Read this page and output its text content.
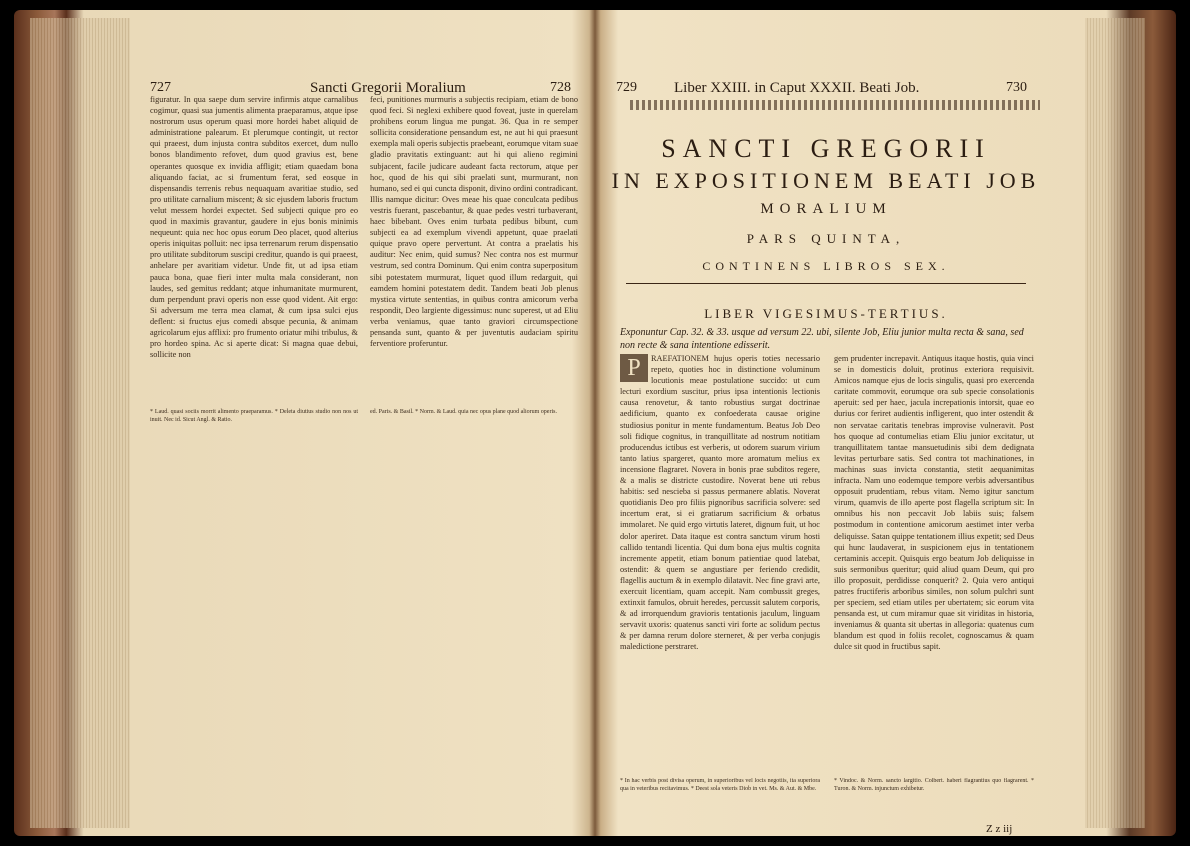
727	Sancti Gregorii Moralium	728
figuratur. In qua saepe dum servire infirmis atque carnalibus cogimur, quasi sua jumentis alimenta praeparamus, atque ipse nostrorum usus operum quasi more hordei habet aliquid de administratione palearum. Et plerumque contingit, ut rector qui praeest, dum injusta contra subditos exercet, dum nullo bonos blandimento refovet, dum quod gravius est, bene operantes quosque ex invidia affligit; etiam quaedam bona aliquando faciat, ac si frumentum ferat, sed eosque in dispensandis terrenis rebus nequaquam avaritiae studio, sed pro utilitate carnalium miscent; & sic ejusdem laboris fructum velut messem hordei expectet. Sed subjecti quique pro eo quod in maximis gravantur, gaudere in ejus bonis minimis nequeunt: quia nec hoc opus eorum Deo placet, quod alterius operis iniquitas polluit: nec ipsa terrenarum rerum dispensatio pro utilitate subditorum suscipi creditur, quando is qui praeest, anhelare per avaritiam videtur. Unde fit, ut ad ipsa etiam pauca bona, quae fieri inter multa mala considerant, non laudes, sed gemitus reddant; atque inhumanitate murmurent, dum perpendunt pravi operis non esse quod vident. Ait ergo: Si adversum me terra mea clamat, & cum ipsa sulci ejus deflent: si fructus ejus comedi absque pecunia, & animam agricolarum ejus afflixi: pro frumento oriatur mihi tribulus, & pro hordeo spina. Ac si aperte dicat: Si magna quae debui, sollicite non
feci, punitiones murmuris a subjectis recipiam, etiam de bono quod feci. Si neglexi exhibere quod foveat, juste in querelam prohibens eorum lingua me pungat. 36. Qua in re semper sollicita consideratione pensandum est, ne aut hi qui praesunt exempla mali operis subjectis praebeant, eorumque vitam suae gladio pravitatis extinguant: aut hi qui alieno regimini subjacent, facile judicare audeant facta rectorum, atque per hoc, quod de his qui sibi praelati sunt, murmurant, non humano, sed ei qui cuncta disponit, divino ordini contradicant. Illis namque dicitur: Oves meae his quae conculcata pedibus vestris fuerant, pascebantur, & quae pedes vestri turbaverant, haec bibebant. Oves enim turbata pedibus bibunt, cum subjecti ea ad exemplum vivendi appetunt, quae praelati quique pravo opere pervertunt. At contra a praelatis his auditur: Nec enim, quid sumus? Nec contra nos est murmur vestrum, sed contra Dominum. Qui enim contra superpositum sibi potestatem murmurat, liquet quod illum redarguit, qui eamdem homini potestatem dedit. Tandem beati Job plenus mystica virtute sententias, in quibus contra amicorum verba respondit, Deo largiente digessimus: nunc superest, ut ad Eliu verba veniamus, quae tanto graviori circumspectione pensanda sunt, quanto & per juventutis audaciam spiritu ferventiore proferuntur.
* Laud. quasi sociis morrit alimento praeparamus. * Deleta diutius studio non nos ut inuit. Nec id. Sicut Angl. & Ratio.
ed. Paris. & Basil. * Norm. & Laud. quia nec opus plane quod aliorum operis.
729 Liber XXIII. in Caput XXXII. Beati Job.	730
SANCTI GREGORII
IN EXPOSITIONEM BEATI JOB
MORALIUM
PARS QUINTA,
CONTINENS LIBROS SEX.
LIBER VIGESIMUS-TERTIUS.
Exponuntur Cap. 32. & 33. usque ad versum 22. ubi, silente Job, Eliu junior multa recta & sana, sed non recte & sana intentione edisserit.
P	RAEFATIONEM hujus operis toties necessario repeto, quoties hoc in distinctione voluminum locutionis meae postulatione succido: ut cum lecturi exordium suscitur, prius ipsa intentionis lectionis causa renovetur, & tanto robustius surgat doctrinae aedificium, quanto ex confoederata causae origine studiosius ponitur in mente fundamentum. Beatus Job Deo soli fidique cognitus, in tranquillitate ad nostrum notitiam producendus ictibus est verberis, ut odorem suarum virium tanto latius spargeret, quanto more aromatum melius ex incensione flagraret. Novera in bonis prae subditos regere, & a malis se districte custodire. Noverat bene uti rebus habitis: sed nescieba si passus permanere ablatis. Noverat quotidianis Deo pro filiis pignoribus sacrificia solvere: sed incertum erat, si ei gratiarum sacrificium & orbatus immolaret. Ne quid ergo virtutis lateret, dignum fuit, ut hoc dolor aperiret. Data itaque est contra sanctum virum hosti callido tentandi licentia. Qui dum bona ejus multis cognita incremente appetit, etiam bonum patientiae quod latebat, ostendit: & quem se angustiare per feriendo credidit, flagellis auctum & in exemplo dilatavit. Nec fine gravi arte, exercuit licentiam, quam accepit. Nam combussit greges, extinxit famulos, obruit heredes, percussit salutem corporis, & ad irrorquendum gravioris tentationis jaculum, linguam servavit uxoris: quatenus sancti viri forte ac solidum pectus & per damna rerum dolore sterneret, & per verba conjugis maledictione perstraret.
gem prudenter increpavit. Antiquus itaque hostis, quia vinci se in domesticis doluit, protinus exteriora requisivit. Amicos namque ejus de locis singulis, quasi pro exercenda caritate commovit, eorumque ora sub specie consolationis aperuit: sed per haec, jacula increpationis intorsit, quae eo durius cor feriret audientis infligerent, quo inter ostendit & non servatae caritatis tenebras improvise vulneravit. Post hos quoque ad contumelias etiam Eliu junior excitatur, ut tranquillitatem tantae mansuetudinis sibi dem dedignata levitas perturbare satis. Sed contra tot machinationes, in machinas suas invicta constantia, stetit aequanimitas infracta. Nam uno eodemque tempore verbis adversantibus opposuit prudentiam, rebus vitam. Nemo igitur sanctum virum, quamvis de illo aperte post flagella scriptum sit: In omnibus his non peccavit Job labiis suis; falsem postmodum in contentione amicorum aestimet inter verba deliquisse. Satan quippe tentationem illius expetit; sed Deus qui hunc laudaverat, in suspicionem ejus in tentationem certaminis accepit. Quisquis ergo beatum Job deliquisse in suis sermonibus queritur; quid aliud quam Deum, qui pro illo proposuit, perdidisse conquerit? 2. Quia vero antiqui patres fructiferis arboribus similes, non solum pulchri sunt per speciem, sed etiam utiles per ubertatem; sic eorum vita pensanda est, ut cum miramur quae sit viriditas in historia, inveniamus & quanta sit ubertas in allegoria: quatenus cum blandum est quod in foliis recolet, cognoscamus & quam dulce sit quod in fructibus sapit.
* In hac verbis post divisa operum, in superioribus vel locis negotiis, ita superiora qua in veteribus recitavimus. * Deest sola veteris Diob in vet. Ms. & Aut. & Mbe.
* Vindoc. & Norm. sancto largitio. Colbert. haberi flagrantius quo flagrarent. * Turon. & Norm. injunctum exhibetur.
Z z iij
